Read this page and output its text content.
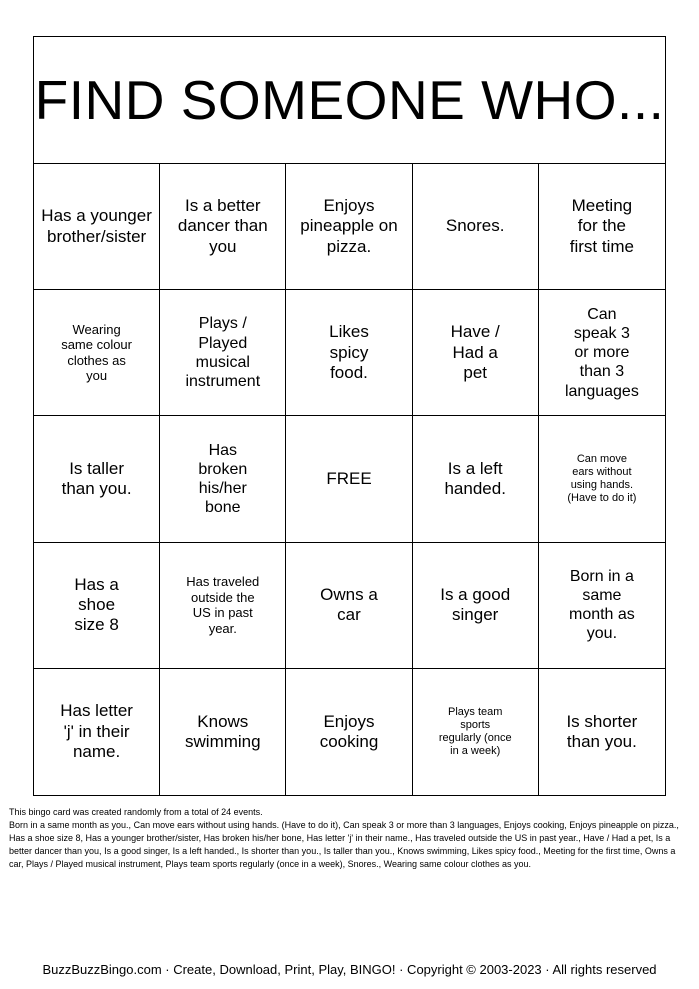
FIND SOMEONE WHO...
Has a younger brother/sister
Is a better dancer than you
Enjoys pineapple on pizza.
Snores.
Meeting for the first time
Wearing same colour clothes as you
Plays / Played musical instrument
Likes spicy food.
Have / Had a pet
Can speak 3 or more than 3 languages
Is taller than you.
Has broken his/her bone
FREE
Is a left handed.
Can move ears without using hands. (Have to do it)
Has a shoe size 8
Has traveled outside the US in past year.
Owns a car
Is a good singer
Born in a same month as you.
Has letter 'j' in their name.
Knows swimming
Enjoys cooking
Plays team sports regularly (once in a week)
Is shorter than you.

This bingo card was created randomly from a total of 24 events.

Born in a same month as you., Can move ears without using hands. (Have to do it), Can speak 3 or more than 3 languages, Enjoys cooking, Enjoys pineapple on pizza., Has a shoe size 8, Has a younger brother/sister, Has broken his/her bone, Has letter 'j' in their name., Has traveled outside the US in past year., Have / Had a pet, Is a better dancer than you, Is a good singer, Is a left handed., Is shorter than you., Is taller than you., Knows swimming, Likes spicy food., Meeting for the first time, Owns a car, Plays / Played musical instrument, Plays team sports regularly (once in a week), Snores., Wearing same colour clothes as you.

BuzzBuzzBingo.com · Create, Download, Print, Play, BINGO! · Copyright © 2003-2023 · All rights reserved
